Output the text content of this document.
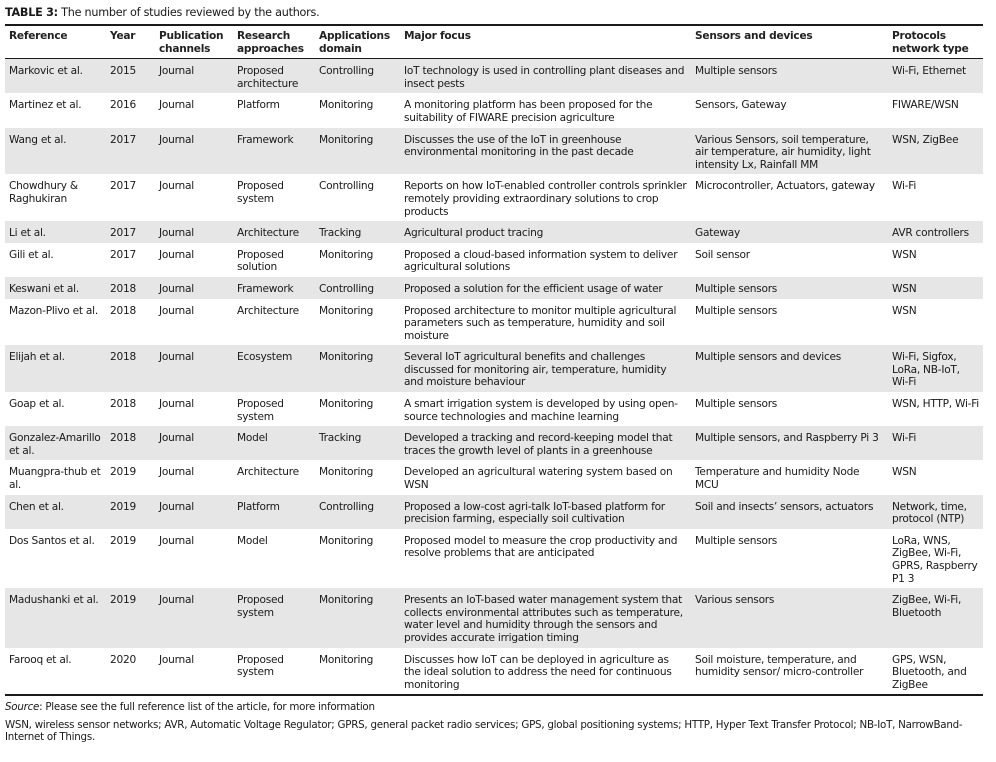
TABLE 3: The number of studies reviewed by the authors.
Reference	Year	Publication channels	Research approaches	Applications domain	Major focus	Sensors and devices	Protocols network type
Markovic et al.	2015	Journal	Proposed architecture	Controlling	IoT technology is used in controlling plant diseases and insect pests	Multiple sensors	Wi-Fi, Ethernet
Martinez et al.	2016	Journal	Platform	Monitoring	A monitoring platform has been proposed for the suitability of FIWARE precision agriculture	Sensors, Gateway	FIWARE/WSN
Wang et al.	2017	Journal	Framework	Monitoring	Discusses the use of the IoT in greenhouse environmental monitoring in the past decade	Various Sensors, soil temperature, air temperature, air humidity, light intensity Lx, Rainfall MM	WSN, ZigBee
Chowdhury & Raghukiran	2017	Journal	Proposed system	Controlling	Reports on how IoT-enabled controller controls sprinkler remotely providing extraordinary solutions to crop products	Microcontroller, Actuators, gateway	Wi-Fi
Li et al.	2017	Journal	Architecture	Tracking	Agricultural product tracing	Gateway	AVR controllers
Gili et al.	2017	Journal	Proposed solution	Monitoring	Proposed a cloud-based information system to deliver agricultural solutions	Soil sensor	WSN
Keswani et al.	2018	Journal	Framework	Controlling	Proposed a solution for the efficient usage of water	Multiple sensors	WSN
Mazon-Plivo et al.	2018	Journal	Architecture	Monitoring	Proposed architecture to monitor multiple agricultural parameters such as temperature, humidity and soil moisture	Multiple sensors	WSN
Elijah et al.	2018	Journal	Ecosystem	Monitoring	Several IoT agricultural benefits and challenges discussed for monitoring air, temperature, humidity and moisture behaviour	Multiple sensors and devices	Wi-Fi, Sigfox, LoRa, NB-IoT, Wi-Fi
Goap et al.	2018	Journal	Proposed system	Monitoring	A smart irrigation system is developed by using open-source technologies and machine learning	Multiple sensors	WSN, HTTP, Wi-Fi
Gonzalez-Amarillo et al.	2018	Journal	Model	Tracking	Developed a tracking and record-keeping model that traces the growth level of plants in a greenhouse	Multiple sensors, and Raspberry Pi 3	Wi-Fi
Muangpra-thub et al.	2019	Journal	Architecture	Monitoring	Developed an agricultural watering system based on WSN	Temperature and humidity Node MCU	WSN
Chen et al.	2019	Journal	Platform	Controlling	Proposed a low-cost agri-talk IoT-based platform for precision farming, especially soil cultivation	Soil and insects’ sensors, actuators	Network, time, protocol (NTP)
Dos Santos et al.	2019	Journal	Model	Monitoring	Proposed model to measure the crop productivity and resolve problems that are anticipated	Multiple sensors	LoRa, WNS, ZigBee, Wi-Fi, GPRS, Raspberry P1 3
Madushanki et al.	2019	Journal	Proposed system	Monitoring	Presents an IoT-based water management system that collects environmental attributes such as temperature, water level and humidity through the sensors and provides accurate irrigation timing	Various sensors	ZigBee, Wi-Fi, Bluetooth
Farooq et al.	2020	Journal	Proposed system	Monitoring	Discusses how IoT can be deployed in agriculture as the ideal solution to address the need for continuous monitoring	Soil moisture, temperature, and humidity sensor/ micro-controller	GPS, WSN, Bluetooth, and ZigBee
Source: Please see the full reference list of the article, for more information
WSN, wireless sensor networks; AVR, Automatic Voltage Regulator; GPRS, general packet radio services; GPS, global positioning systems; HTTP, Hyper Text Transfer Protocol; NB-IoT, NarrowBand-Internet of Things.
